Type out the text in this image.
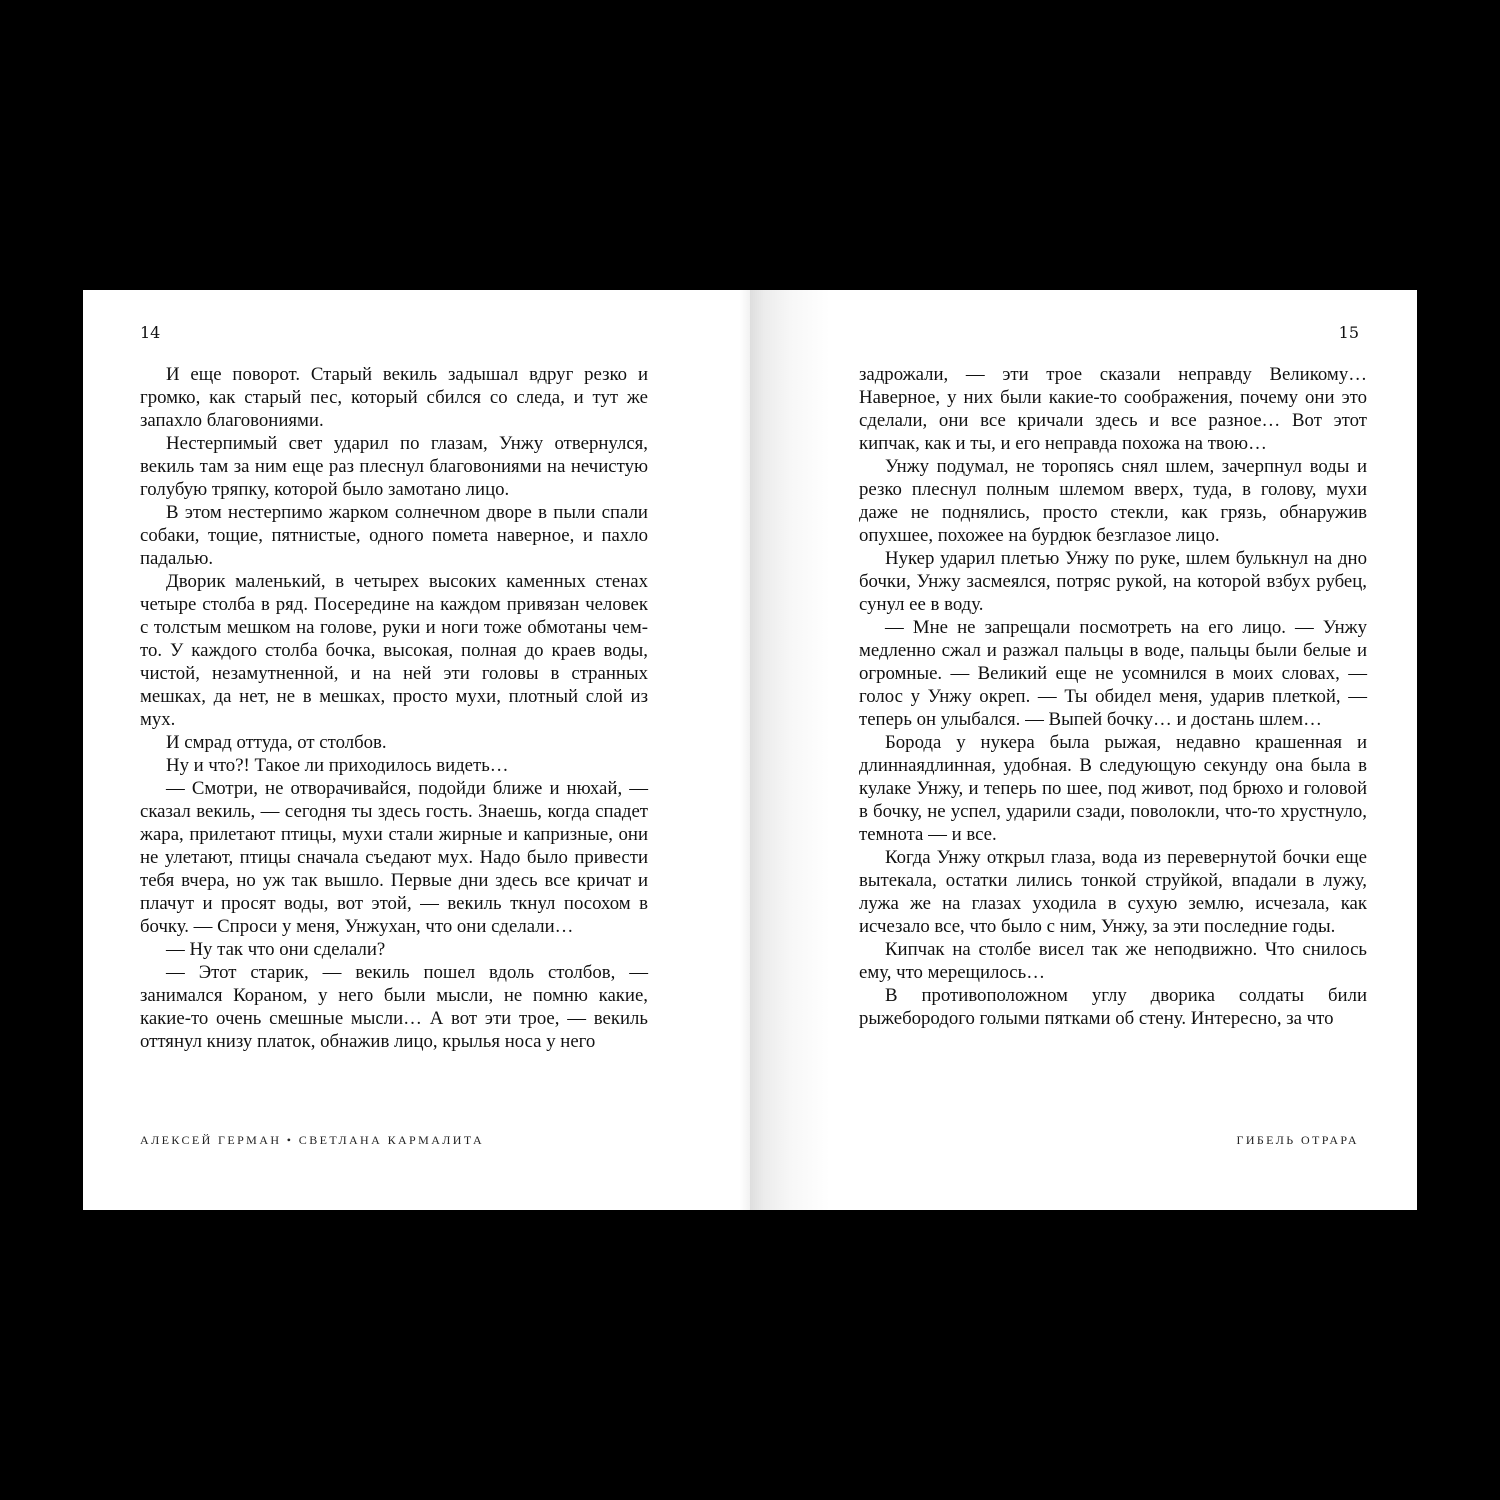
14

И еще поворот. Старый векиль задышал вдруг резко и громко, как старый пес, который сбился со следа, и тут же запахло благовониями.

Нестерпимый свет ударил по глазам, Унжу отвернулся, векиль там за ним еще раз плеснул благовониями на нечистую голубую тряпку, которой было замотано лицо.

В этом нестерпимо жарком солнечном дворе в пыли спали собаки, тощие, пятнистые, одного помета наверное, и пахло падалью.

Дворик маленький, в четырех высоких каменных стенах четыре столба в ряд. Посередине на каждом привязан человек с толстым мешком на голове, руки и ноги тоже обмотаны чем-то. У каждого столба бочка, высокая, полная до краев воды, чистой, незамутненной, и на ней эти головы в странных мешках, да нет, не в мешках, просто мухи, плотный слой из мух.

И смрад оттуда, от столбов.

Ну и что?! Такое ли приходилось видеть…

— Смотри, не отворачивайся, подойди ближе и нюхай, — сказал векиль, — сегодня ты здесь гость. Знаешь, когда спадет жара, прилетают птицы, мухи стали жирные и капризные, они не улетают, птицы сначала съедают мух. Надо было привести тебя вчера, но уж так вышло. Первые дни здесь все кричат и плачут и просят воды, вот этой, — векиль ткнул посохом в бочку. — Спроси у меня, Унжухан, что они сделали…

— Ну так что они сделали?

— Этот старик, — векиль пошел вдоль столбов, — занимался Кораном, у него были мысли, не помню какие, какие-то очень смешные мысли… А вот эти трое, — векиль оттянул книзу платок, обнажив лицо, крылья носа у него

АЛЕКСЕЙ ГЕРМАН • СВЕТЛАНА КАРМАЛИТА

15

задрожали, — эти трое сказали неправду Великому… Наверное, у них были какие-то соображения, почему они это сделали, они все кричали здесь и все разное… Вот этот кипчак, как и ты, и его неправда похожа на твою…

Унжу подумал, не торопясь снял шлем, зачерпнул воды и резко плеснул полным шлемом вверх, туда, в голову, мухи даже не поднялись, просто стекли, как грязь, обнаружив опухшее, похожее на бурдюк безглазое лицо.

Нукер ударил плетью Унжу по руке, шлем булькнул на дно бочки, Унжу засмеялся, потряс рукой, на которой взбух рубец, сунул ее в воду.

— Мне не запрещали посмотреть на его лицо. — Унжу медленно сжал и разжал пальцы в воде, пальцы были белые и огромные. — Великий еще не усомнился в моих словах, — голос у Унжу окреп. — Ты обидел меня, ударив плеткой, — теперь он улыбался. — Выпей бочку… и достань шлем…

Борода у нукера была рыжая, недавно крашенная и длиннаядлинная, удобная. В следующую секунду она была в кулаке Унжу, и теперь по шее, под живот, под брюхо и головой в бочку, не успел, ударили сзади, поволокли, что-то хрустнуло, темнота — и все.

Когда Унжу открыл глаза, вода из перевернутой бочки еще вытекала, остатки лились тонкой струйкой, впадали в лужу, лужа же на глазах уходила в сухую землю, исчезала, как исчезало все, что было с ним, Унжу, за эти последние годы.

Кипчак на столбе висел так же неподвижно. Что снилось ему, что мерещилось…

В противоположном углу дворика солдаты били рыжебородого голыми пятками об стену. Интересно, за что

ГИБЕЛЬ ОТРАРА
